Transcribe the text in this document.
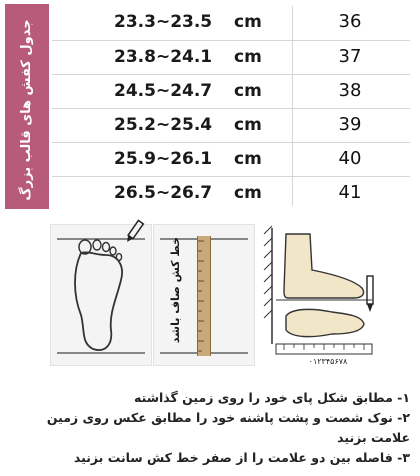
جدول کفش های قالب بزرگ	23.3~23.5	cm	36
23.8~24.1	cm	37
24.5~24.7	cm	38
25.2~25.4	cm	39
25.9~26.1	cm	40
26.5~26.7	cm	41
خط کش صاف باشد
۰۱۲۳۴۵۶۷۸
۱- مطابق شکل پای خود را روی زمین گذاشته
۲- نوک شصت و پشت پاشنه خود را مطابق عکس روی زمین
علامت بزنید
۳- فاصله بین دو علامت را از صفر خط کش سانت بزنید
